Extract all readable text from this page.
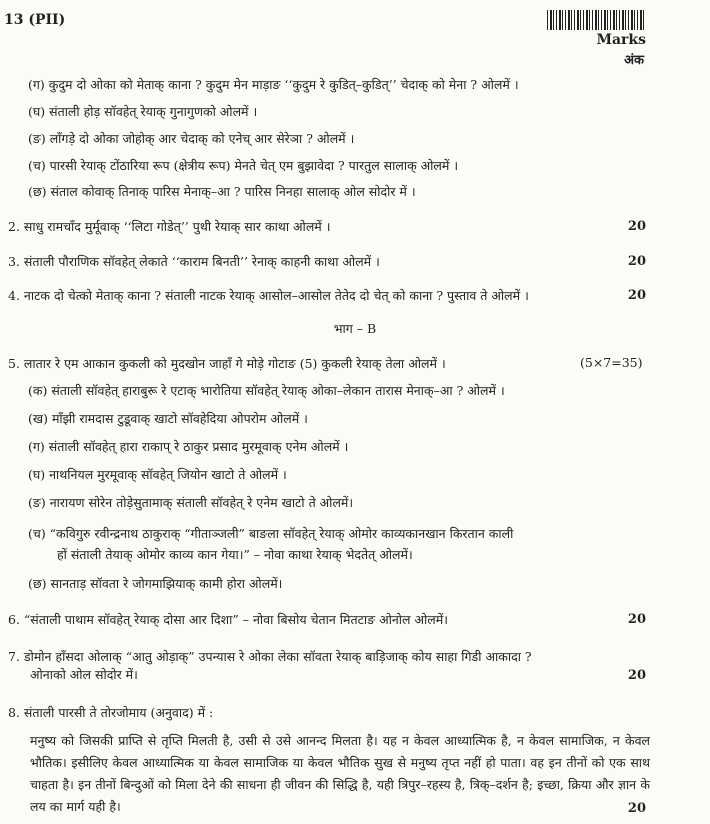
13 (PII)
Marks
अंक
(ग) कुदुम दो ओका को मेताक् काना ? कुदुम मेन माड़ाङ ‘‘कुदुम रे कुडित्–कुडित्’’ चेदाक् को मेना ? ओलमें ।
(घ) संताली होड़ सॉवहेत् रेयाक् गुनागुणको ओलमें ।
(ङ) लाँगड़े दो ओका जोहोक् आर चेदाक् को एनेच् आर सेरेञा ? ओलमें ।
(च) पारसी रेयाक् टोंठारिया रूप (क्षेत्रीय रूप) मेनते चेत् एम बुझावेदा ? पारतुल सालाक् ओलमें ।
(छ) संताल कोवाक् तिनाक् पारिस मेनाक्–आ ? पारिस निनहा सालाक् ओल सोदोर में ।
2. साधु रामचाँद मुर्मूवाक् ‘‘लिटा गोडेत्’’ पुथी रेयाक् सार काथा ओलमें ।	20
3. संताली पौराणिक सॉवहेत् लेकाते ‘‘काराम बिनती’’ रेनाक् काहनी काथा ओलमें ।	20
4. नाटक दो चेत्को मेताक् काना ? संताली नाटक रेयाक् आसोल–आसोल तेतेद दो चेत् को काना ? पुस्ताव ते ओलमें ।	20
भाग – B
5. लातार रे एम आकान कुकली को मुदखोन जाहाँ गे मोड़े गोटाङ (5) कुकली रेयाक् तेला ओलमें ।	(5×7=35)
(क) संताली सॉवहेत् हाराबुरू रे एटाक् भारोतिया सॉवहेत् रेयाक् ओका–लेकान तारास मेनाक्–आ ? ओलमें ।
(ख) माँझी रामदास टुडूवाक् खाटो सॉवहेदिया ओपरोम ओलमें ।
(ग) संताली सॉवहेत् हारा राकाप् रे ठाकुर प्रसाद मुरमूवाक् एनेम ओलमें ।
(घ) नाथनियल मुरमूवाक् सॉवहेत् जियोन खाटो ते ओलमें ।
(ङ) नारायण सोरेन तोड़ेसुतामाक् संताली सॉवहेत् रे एनेम खाटो ते ओलमें।
(च) “कविगुरु रवीन्द्रनाथ ठाकुराक् “गीताञ्जली” बाङला सॉवहेत् रेयाक् ओमोर काव्यकानखान किरतान काली
हों संताली तेयाक् ओमोर काव्य कान गेया।” – नोवा काथा रेयाक् भेदतेत् ओलमें।
(छ) सानताड़ सॉवता रे जोगमाझियाक् कामी होरा ओलमें।
6. “संताली पाथाम सॉवहेत् रेयाक् दोसा आर दिशा” – नोवा बिसोय चेतान मितटाङ ओनोल ओलमें।	20
7. डोमोन हाँसदा ओलाक् “आतु ओड़ाक्” उपन्यास रे ओका लेका सॉवता रेयाक् बाड़िजाक् कोय साहा गिडी आकादा ?
ओनाको ओल सोदोर में।	20
8. संताली पारसी ते तोरजोमाय (अनुवाद) में :
मनुष्य को जिसकी प्राप्ति से तृप्ति मिलती है, उसी से उसे आनन्द मिलता है। यह न केवल आध्यात्मिक है, न केवल सामाजिक, न केवल भौतिक। इसीलिए केवल आध्यात्मिक या केवल सामाजिक या केवल भौतिक सुख से मनुष्य तृप्त नहीं हो पाता। वह इन तीनों को एक साथ चाहता है। इन तीनों बिन्दुओं को मिला देने की साधना ही जीवन की सिद्धि है, यही त्रिपुर–रहस्य है, त्रिक्–दर्शन है; इच्छा, क्रिया और ज्ञान के लय का मार्ग यही है।	20
